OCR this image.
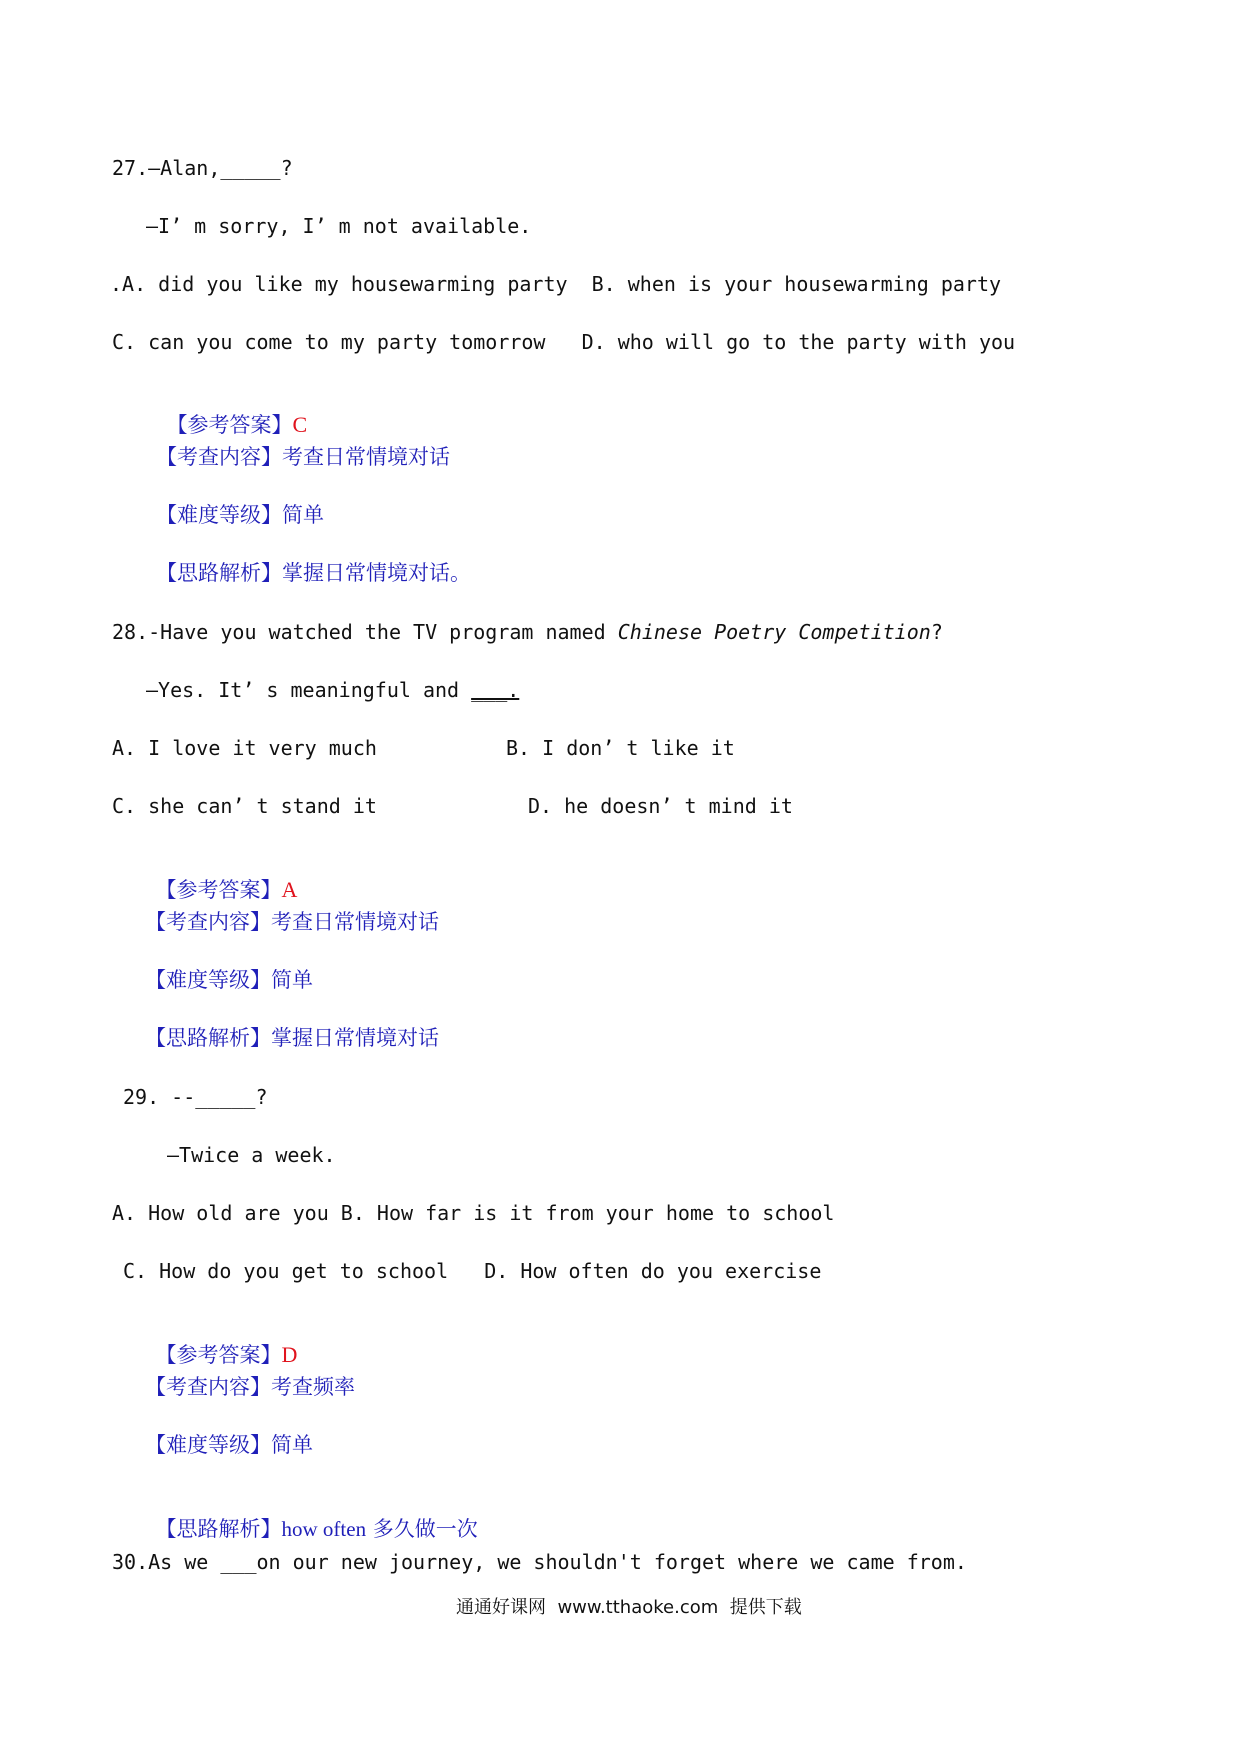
27.—Alan,_____?
—I’ m sorry, I’ m not available.
.A. did you like my housewarming party  B. when is your housewarming party
C. can you come to my party tomorrow   D. who will go to the party with you

【参考答案】C

【考查内容】考查日常情境对话
【难度等级】简单
【思路解析】掌握日常情境对话。
28.-Have you watched the TV program named Chinese Poetry Competition?
—Yes. It’ s meaningful and ___.
A. I love it very much	B. I don’ t like it
C. she can’ t stand it	D. he doesn’ t mind it

【参考答案】A

【考查内容】考查日常情境对话
【难度等级】简单
【思路解析】掌握日常情境对话
29. --_____?
—Twice a week.
A. How old are you B. How far is it from your home to school
C. How do you get to school   D. How often do you exercise

【参考答案】D

【考查内容】考查频率
【难度等级】简单

【思路解析】how often 多久做一次

30.As we ___on our new journey, we shouldn't forget where we came from.
通通好课网  www.tthaoke.com  提供下载
